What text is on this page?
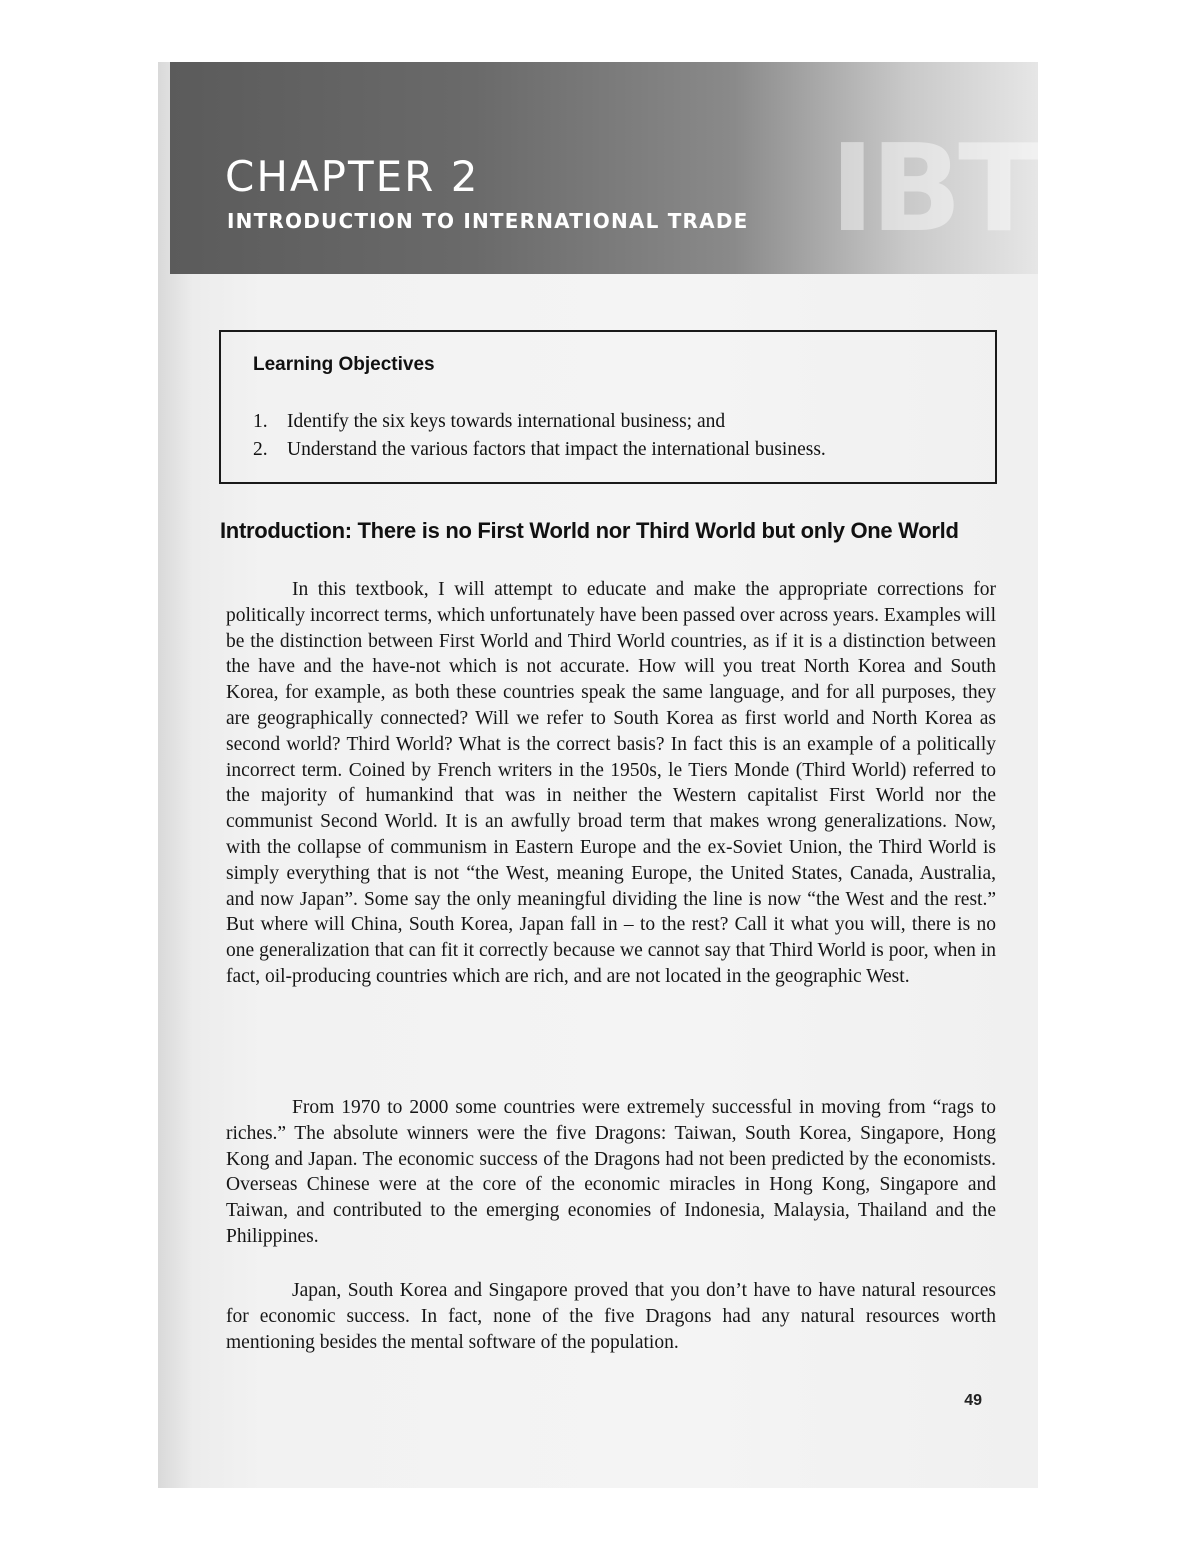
CHAPTER 2
INTRODUCTION TO INTERNATIONAL TRADE IBT
Learning Objectives
1. Identify the six keys towards international business; and
2. Understand the various factors that impact the international business.
Introduction: There is no First World nor Third World but only One World

In this textbook, I will attempt to educate and make the appropriate corrections for politically incorrect terms, which unfortunately have been passed over across years. Examples will be the distinction between First World and Third World countries, as if it is a distinction between the have and the have-not which is not accurate. How will you treat North Korea and South Korea, for example, as both these countries speak the same language, and for all purposes, they are geographically connected? Will we refer to South Korea as first world and North Korea as second world? Third World? What is the correct basis? In fact this is an example of a politically incorrect term. Coined by French writers in the 1950s, le Tiers Monde (Third World) referred to the majority of humankind that was in neither the Western capitalist First World nor the communist Second World. It is an awfully broad term that makes wrong generalizations. Now, with the collapse of communism in Eastern Europe and the ex-Soviet Union, the Third World is simply everything that is not “the West, meaning Europe, the United States, Canada, Australia, and now Japan”. Some say the only meaningful dividing the line is now “the West and the rest.” But where will China, South Korea, Japan fall in – to the rest? Call it what you will, there is no one generalization that can fit it correctly because we cannot say that Third World is poor, when in fact, oil-producing countries which are rich, and are not located in the geographic West.

From 1970 to 2000 some countries were extremely successful in moving from “rags to riches.” The absolute winners were the five Dragons: Taiwan, South Korea, Singapore, Hong Kong and Japan. The economic success of the Dragons had not been predicted by the economists. Overseas Chinese were at the core of the economic miracles in Hong Kong, Singapore and Taiwan, and contributed to the emerging economies of Indonesia, Malaysia, Thailand and the Philippines.

Japan, South Korea and Singapore proved that you don’t have to have natural resources for economic success. In fact, none of the five Dragons had any natural resources worth mentioning besides the mental software of the population.

49
